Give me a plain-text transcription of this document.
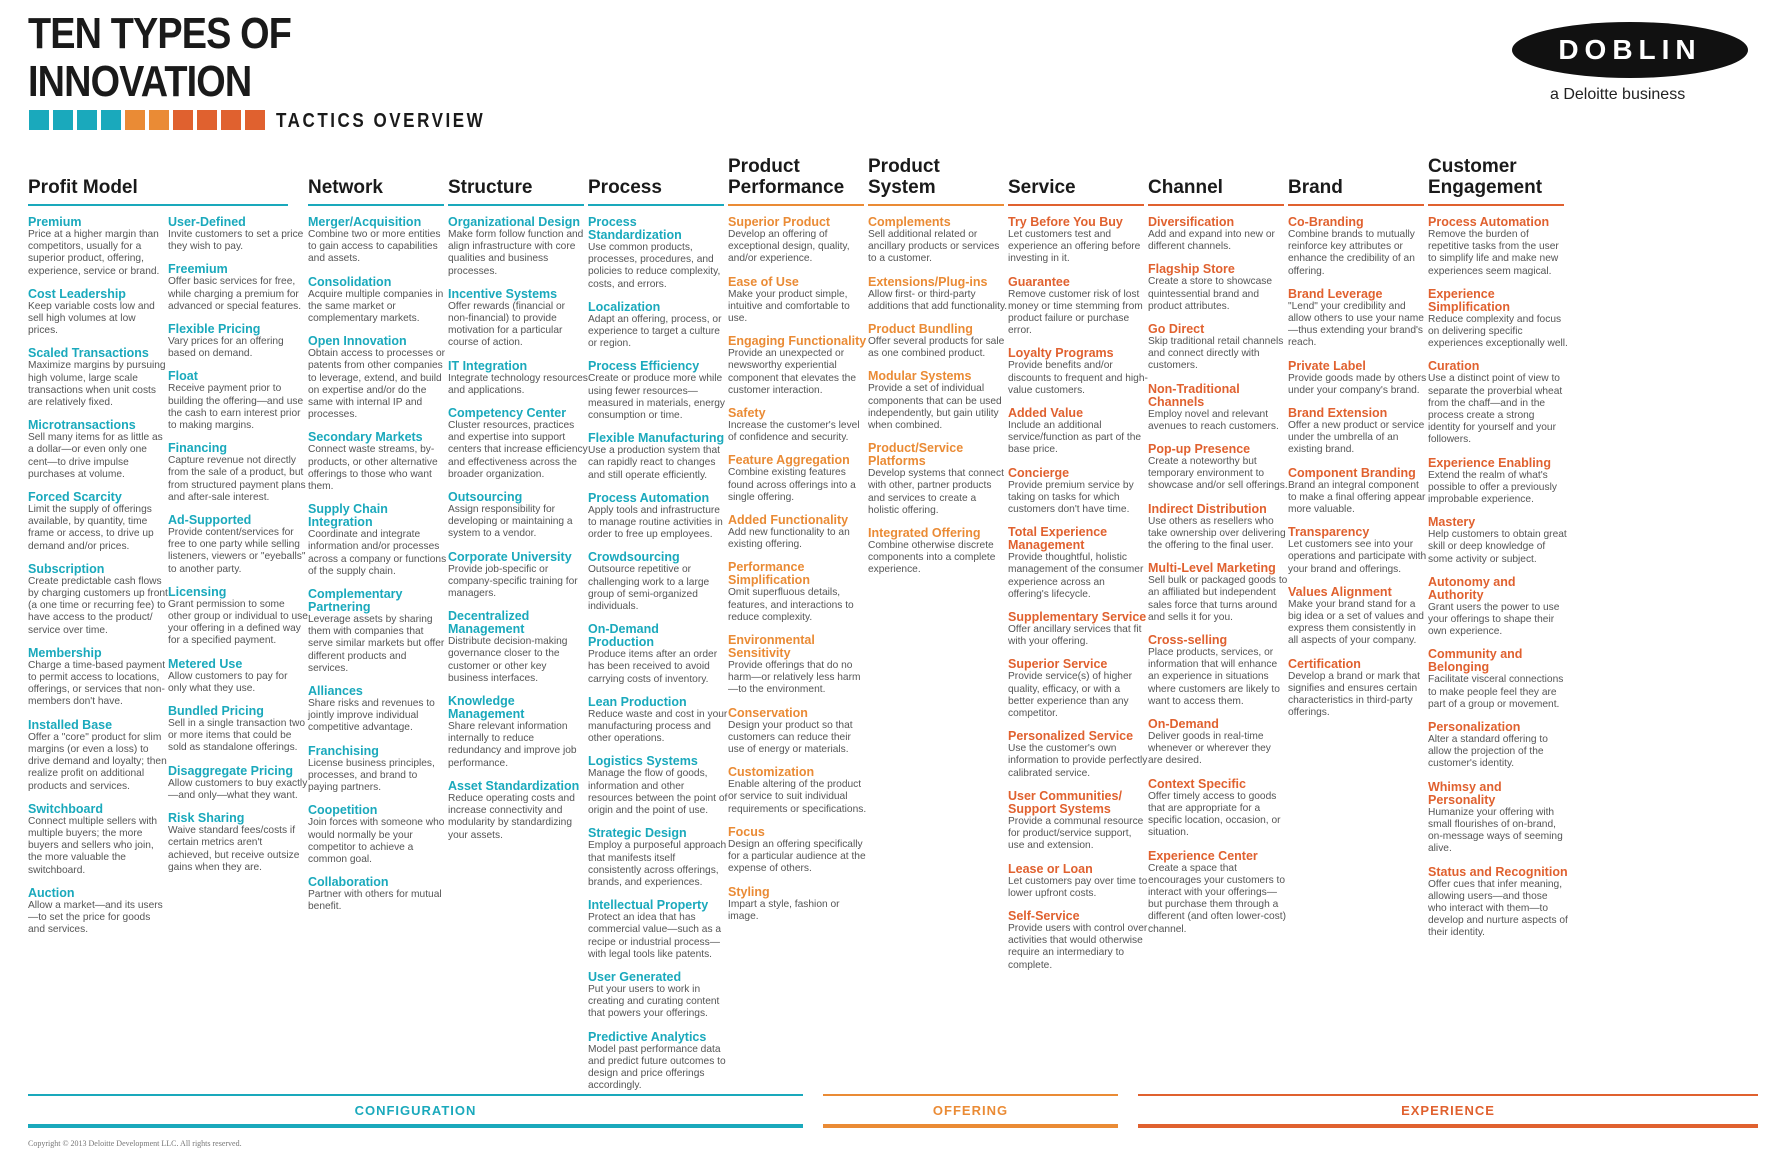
TEN TYPES OF
INNOVATION
TACTICS OVERVIEW
DOBLIN
a Deloitte business
Profit Model
Premium
Price at a higher margin than competitors, usually for a superior product, offering, experience, service or brand.
Cost Leadership
Keep variable costs low and sell high volumes at low prices.
Scaled Transactions
Maximize margins by pursuing high volume, large scale transactions when unit costs are relatively fixed.
Microtransactions
Sell many items for as little as a dollar—or even only one cent—to drive impulse purchases at volume.
Forced Scarcity
Limit the supply of offerings available, by quantity, time frame or access, to drive up demand and/or prices.
Subscription
Create predictable cash flows by charging customers up front (a one time or recurring fee) to have access to the product/ service over time.
Membership
Charge a time-based payment to permit access to locations, offerings, or services that non-members don't have.
Installed Base
Offer a "core" product for slim margins (or even a loss) to drive demand and loyalty; then realize profit on additional products and services.
Switchboard
Connect multiple sellers with multiple buyers; the more buyers and sellers who join, the more valuable the switchboard.
Auction
Allow a market—and its users—to set the price for goods and services.
User-Defined
Invite customers to set a price they wish to pay.
Freemium
Offer basic services for free, while charging a premium for advanced or special features.
Flexible Pricing
Vary prices for an offering based on demand.
Float
Receive payment prior to building the offering—and use the cash to earn interest prior to making margins.
Financing
Capture revenue not directly from the sale of a product, but from structured payment plans and after-sale interest.
Ad-Supported
Provide content/services for free to one party while selling listeners, viewers or "eyeballs" to another party.
Licensing
Grant permission to some other group or individual to use your offering in a defined way for a specified payment.
Metered Use
Allow customers to pay for only what they use.
Bundled Pricing
Sell in a single transaction two or more items that could be sold as standalone offerings.
Disaggregate Pricing
Allow customers to buy exactly—and only—what they want.
Risk Sharing
Waive standard fees/costs if certain metrics aren't achieved, but receive outsize gains when they are.
Network
Merger/Acquisition
Combine two or more entities to gain access to capabilities and assets.
Consolidation
Acquire multiple companies in the same market or complementary markets.
Open Innovation
Obtain access to processes or patents from other companies to leverage, extend, and build on expertise and/or do the same with internal IP and processes.
Secondary Markets
Connect waste streams, by-products, or other alternative offerings to those who want them.
Supply Chain Integration
Coordinate and integrate information and/or processes across a company or functions of the supply chain.
Complementary Partnering
Leverage assets by sharing them with companies that serve similar markets but offer different products and services.
Alliances
Share risks and revenues to jointly improve individual competitive advantage.
Franchising
License business principles, processes, and brand to paying partners.
Coopetition
Join forces with someone who would normally be your competitor to achieve a common goal.
Collaboration
Partner with others for mutual benefit.
Structure
Organizational Design
Make form follow function and align infrastructure with core qualities and business processes.
Incentive Systems
Offer rewards (financial or non-financial) to provide motivation for a particular course of action.
IT Integration
Integrate technology resources and applications.
Competency Center
Cluster resources, practices and expertise into support centers that increase efficiency and effectiveness across the broader organization.
Outsourcing
Assign responsibility for developing or maintaining a system to a vendor.
Corporate University
Provide job-specific or company-specific training for managers.
Decentralized Management
Distribute decision-making governance closer to the customer or other key business interfaces.
Knowledge Management
Share relevant information internally to reduce redundancy and improve job performance.
Asset Standardization
Reduce operating costs and increase connectivity and modularity by standardizing your assets.
Process
Process Standardization
Use common products, processes, procedures, and policies to reduce complexity, costs, and errors.
Localization
Adapt an offering, process, or experience to target a culture or region.
Process Efficiency
Create or produce more while using fewer resources—measured in materials, energy consumption or time.
Flexible Manufacturing
Use a production system that can rapidly react to changes and still operate efficiently.
Process Automation
Apply tools and infrastructure to manage routine activities in order to free up employees.
Crowdsourcing
Outsource repetitive or challenging work to a large group of semi-organized individuals.
On-Demand Production
Produce items after an order has been received to avoid carrying costs of inventory.
Lean Production
Reduce waste and cost in your manufacturing process and other operations.
Logistics Systems
Manage the flow of goods, information and other resources between the point of origin and the point of use.
Strategic Design
Employ a purposeful approach that manifests itself consistently across offerings, brands, and experiences.
Intellectual Property
Protect an idea that has commercial value—such as a recipe or industrial process—with legal tools like patents.
User Generated
Put your users to work in creating and curating content that powers your offerings.
Predictive Analytics
Model past performance data and predict future outcomes to design and price offerings accordingly.
Product Performance
Superior Product
Develop an offering of exceptional design, quality, and/or experience.
Ease of Use
Make your product simple, intuitive and comfortable to use.
Engaging Functionality
Provide an unexpected or newsworthy experiential component that elevates the customer interaction.
Safety
Increase the customer's level of confidence and security.
Feature Aggregation
Combine existing features found across offerings into a single offering.
Added Functionality
Add new functionality to an existing offering.
Performance Simplification
Omit superfluous details, features, and interactions to reduce complexity.
Environmental Sensitivity
Provide offerings that do no harm—or relatively less harm—to the environment.
Conservation
Design your product so that customers can reduce their use of energy or materials.
Customization
Enable altering of the product or service to suit individual requirements or specifications.
Focus
Design an offering specifically for a particular audience at the expense of others.
Styling
Impart a style, fashion or image.
Product System
Complements
Sell additional related or ancillary products or services to a customer.
Extensions/Plug-ins
Allow first- or third-party additions that add functionality.
Product Bundling
Offer several products for sale as one combined product.
Modular Systems
Provide a set of individual components that can be used independently, but gain utility when combined.
Product/Service Platforms
Develop systems that connect with other, partner products and services to create a holistic offering.
Integrated Offering
Combine otherwise discrete components into a complete experience.
Service
Try Before You Buy
Let customers test and experience an offering before investing in it.
Guarantee
Remove customer risk of lost money or time stemming from product failure or purchase error.
Loyalty Programs
Provide benefits and/or discounts to frequent and high-value customers.
Added Value
Include an additional service/function as part of the base price.
Concierge
Provide premium service by taking on tasks for which customers don't have time.
Total Experience Management
Provide thoughtful, holistic management of the consumer experience across an offering's lifecycle.
Supplementary Service
Offer ancillary services that fit with your offering.
Superior Service
Provide service(s) of higher quality, efficacy, or with a better experience than any competitor.
Personalized Service
Use the customer's own information to provide perfectly calibrated service.
User Communities/ Support Systems
Provide a communal resource for product/service support, use and extension.
Lease or Loan
Let customers pay over time to lower upfront costs.
Self-Service
Provide users with control over activities that would otherwise require an intermediary to complete.
Channel
Diversification
Add and expand into new or different channels.
Flagship Store
Create a store to showcase quintessential brand and product attributes.
Go Direct
Skip traditional retail channels and connect directly with customers.
Non-Traditional Channels
Employ novel and relevant avenues to reach customers.
Pop-up Presence
Create a noteworthy but temporary environment to showcase and/or sell offerings.
Indirect Distribution
Use others as resellers who take ownership over delivering the offering to the final user.
Multi-Level Marketing
Sell bulk or packaged goods to an affiliated but independent sales force that turns around and sells it for you.
Cross-selling
Place products, services, or information that will enhance an experience in situations where customers are likely to want to access them.
On-Demand
Deliver goods in real-time whenever or wherever they are desired.
Context Specific
Offer timely access to goods that are appropriate for a specific location, occasion, or situation.
Experience Center
Create a space that encourages your customers to interact with your offerings—but purchase them through a different (and often lower-cost) channel.
Brand
Co-Branding
Combine brands to mutually reinforce key attributes or enhance the credibility of an offering.
Brand Leverage
"Lend" your credibility and allow others to use your name—thus extending your brand's reach.
Private Label
Provide goods made by others under your company's brand.
Brand Extension
Offer a new product or service under the umbrella of an existing brand.
Component Branding
Brand an integral component to make a final offering appear more valuable.
Transparency
Let customers see into your operations and participate with your brand and offerings.
Values Alignment
Make your brand stand for a big idea or a set of values and express them consistently in all aspects of your company.
Certification
Develop a brand or mark that signifies and ensures certain characteristics in third-party offerings.
Customer Engagement
Process Automation
Remove the burden of repetitive tasks from the user to simplify life and make new experiences seem magical.
Experience Simplification
Reduce complexity and focus on delivering specific experiences exceptionally well.
Curation
Use a distinct point of view to separate the proverbial wheat from the chaff—and in the process create a strong identity for yourself and your followers.
Experience Enabling
Extend the realm of what's possible to offer a previously improbable experience.
Mastery
Help customers to obtain great skill or deep knowledge of some activity or subject.
Autonomy and Authority
Grant users the power to use your offerings to shape their own experience.
Community and Belonging
Facilitate visceral connections to make people feel they are part of a group or movement.
Personalization
Alter a standard offering to allow the projection of the customer's identity.
Whimsy and Personality
Humanize your offering with small flourishes of on-brand, on-message ways of seeming alive.
Status and Recognition
Offer cues that infer meaning, allowing users—and those who interact with them—to develop and nurture aspects of their identity.
CONFIGURATION	OFFERING	EXPERIENCE
Copyright © 2013 Deloitte Development LLC. All rights reserved.
